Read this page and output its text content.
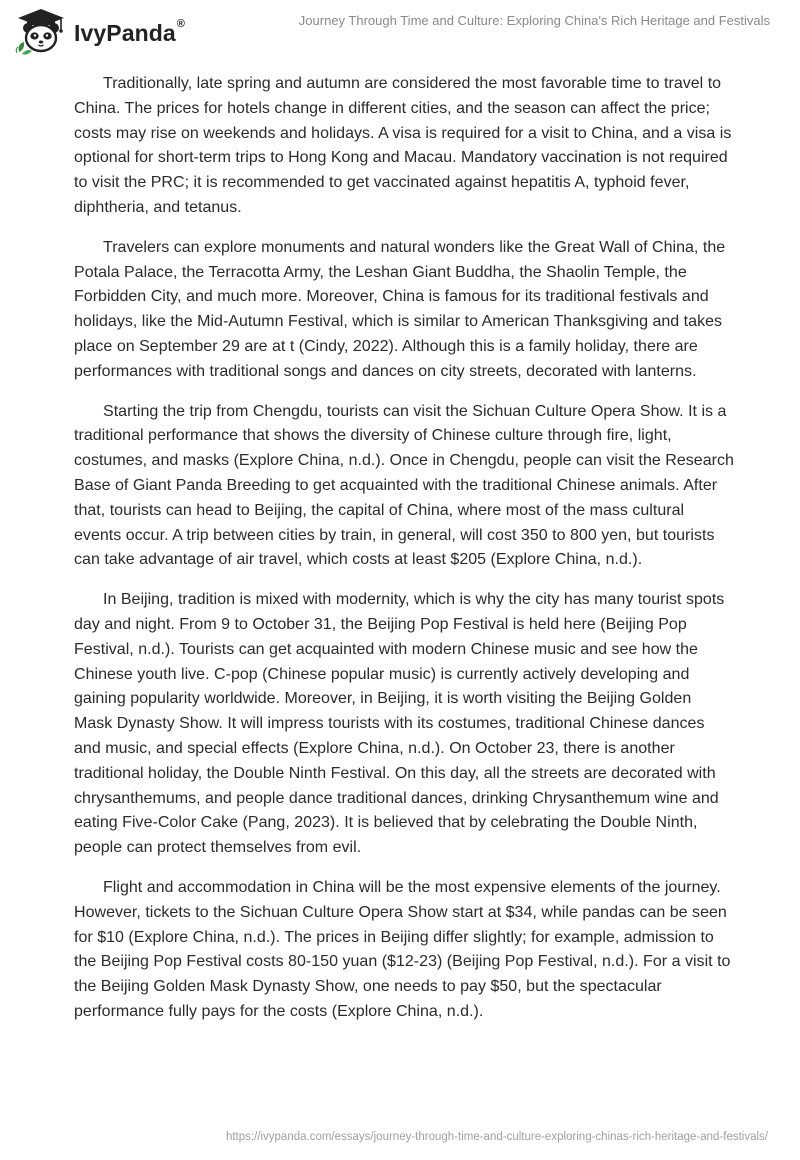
IvyPanda®	Journey Through Time and Culture: Exploring China's Rich Heritage and Festivals

Traditionally, late spring and autumn are considered the most favorable time to travel to China. The prices for hotels change in different cities, and the season can affect the price; costs may rise on weekends and holidays. A visa is required for a visit to China, and a visa is optional for short-term trips to Hong Kong and Macau. Mandatory vaccination is not required to visit the PRC; it is recommended to get vaccinated against hepatitis A, typhoid fever, diphtheria, and tetanus.

Travelers can explore monuments and natural wonders like the Great Wall of China, the Potala Palace, the Terracotta Army, the Leshan Giant Buddha, the Shaolin Temple, the Forbidden City, and much more. Moreover, China is famous for its traditional festivals and holidays, like the Mid-Autumn Festival, which is similar to American Thanksgiving and takes place on September 29 are at t (Cindy, 2022). Although this is a family holiday, there are performances with traditional songs and dances on city streets, decorated with lanterns.

Starting the trip from Chengdu, tourists can visit the Sichuan Culture Opera Show. It is a traditional performance that shows the diversity of Chinese culture through fire, light, costumes, and masks (Explore China, n.d.). Once in Chengdu, people can visit the Research Base of Giant Panda Breeding to get acquainted with the traditional Chinese animals. After that, tourists can head to Beijing, the capital of China, where most of the mass cultural events occur. A trip between cities by train, in general, will cost 350 to 800 yen, but tourists can take advantage of air travel, which costs at least $205 (Explore China, n.d.).

In Beijing, tradition is mixed with modernity, which is why the city has many tourist spots day and night. From 9 to October 31, the Beijing Pop Festival is held here (Beijing Pop Festival, n.d.). Tourists can get acquainted with modern Chinese music and see how the Chinese youth live. C-pop (Chinese popular music) is currently actively developing and gaining popularity worldwide. Moreover, in Beijing, it is worth visiting the Beijing Golden Mask Dynasty Show. It will impress tourists with its costumes, traditional Chinese dances and music, and special effects (Explore China, n.d.). On October 23, there is another traditional holiday, the Double Ninth Festival. On this day, all the streets are decorated with chrysanthemums, and people dance traditional dances, drinking Chrysanthemum wine and eating Five-Color Cake (Pang, 2023). It is believed that by celebrating the Double Ninth, people can protect themselves from evil.

Flight and accommodation in China will be the most expensive elements of the journey. However, tickets to the Sichuan Culture Opera Show start at $34, while pandas can be seen for $10 (Explore China, n.d.). The prices in Beijing differ slightly; for example, admission to the Beijing Pop Festival costs 80-150 yuan ($12-23) (Beijing Pop Festival, n.d.). For a visit to the Beijing Golden Mask Dynasty Show, one needs to pay $50, but the spectacular performance fully pays for the costs (Explore China, n.d.).

https://ivypanda.com/essays/journey-through-time-and-culture-exploring-chinas-rich-heritage-and-festivals/
